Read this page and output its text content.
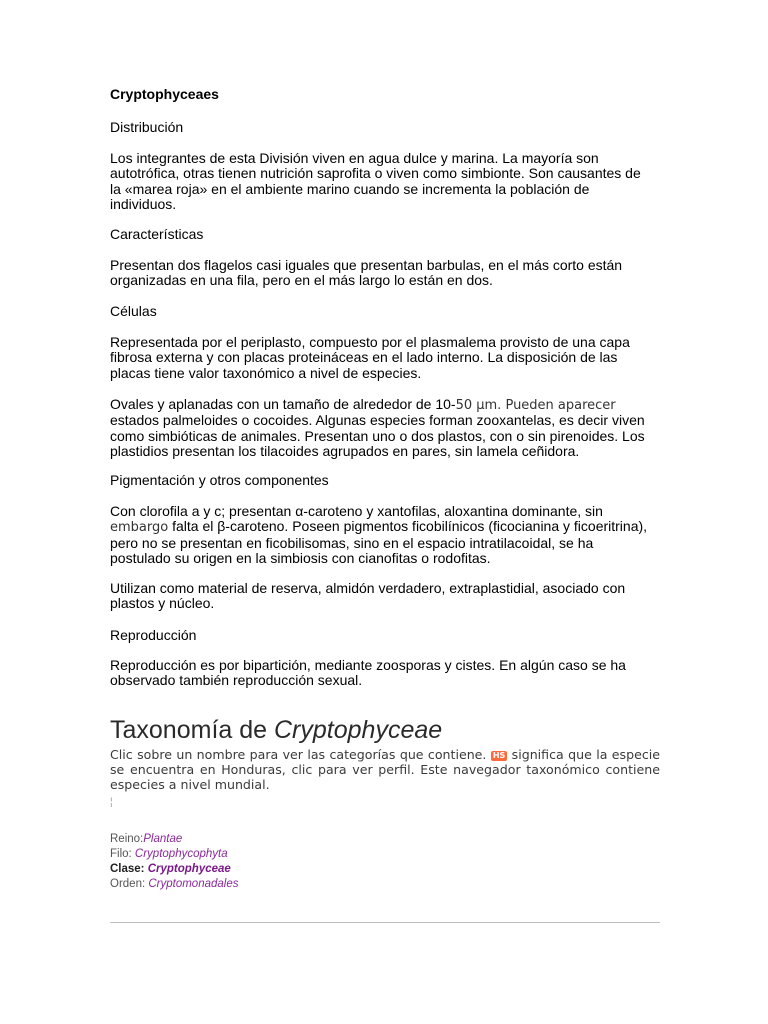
Cryptophyceaes

Distribución

Los integrantes de esta División viven en agua dulce y marina. La mayoría son autotrófica, otras tienen nutrición saprofita o viven como simbionte. Son causantes de la «marea roja» en el ambiente marino cuando se incrementa la población de individuos.

Características

Presentan dos flagelos casi iguales que presentan barbulas, en el más corto están organizadas en una fila, pero en el más largo lo están en dos.

Células

Representada por el periplasto, compuesto por el plasmalema provisto de una capa fibrosa externa y con placas proteináceas en el lado interno. La disposición de las placas tiene valor taxonómico a nivel de especies.

Ovales y aplanadas con un tamaño de alrededor de 10-50 µm. Pueden aparecer estados palmeloides o cocoides. Algunas especies forman zooxantelas, es decir viven como simbióticas de animales. Presentan uno o dos plastos, con o sin pirenoides. Los plastidios presentan los tilacoides agrupados en pares, sin lamela ceñidora.

Pigmentación y otros componentes

Con clorofila a y c; presentan α-caroteno y xantofilas, aloxantina dominante, sin embargo falta el β-caroteno. Poseen pigmentos ficobilínicos (ficocianina y ficoeritrina), pero no se presentan en ficobilisomas, sino en el espacio intratilacoidal, se ha postulado su origen en la simbiosis con cianofitas o rodofitas.

Utilizan como material de reserva, almidón verdadero, extraplastidial, asociado con plastos y núcleo.

Reproducción

Reproducción es por bipartición, mediante zoosporas y cistes. En algún caso se ha observado también reproducción sexual.

Taxonomía de Cryptophyceae

Clic sobre un nombre para ver las categorías que contiene. HS significa que la especie se encuentra en Honduras, clic para ver perfil. Este navegador taxonómico contiene especies a nivel mundial.

¦
Reino:Plantae
Filo: Cryptophycophyta
Clase: Cryptophyceae
Orden: Cryptomonadales
